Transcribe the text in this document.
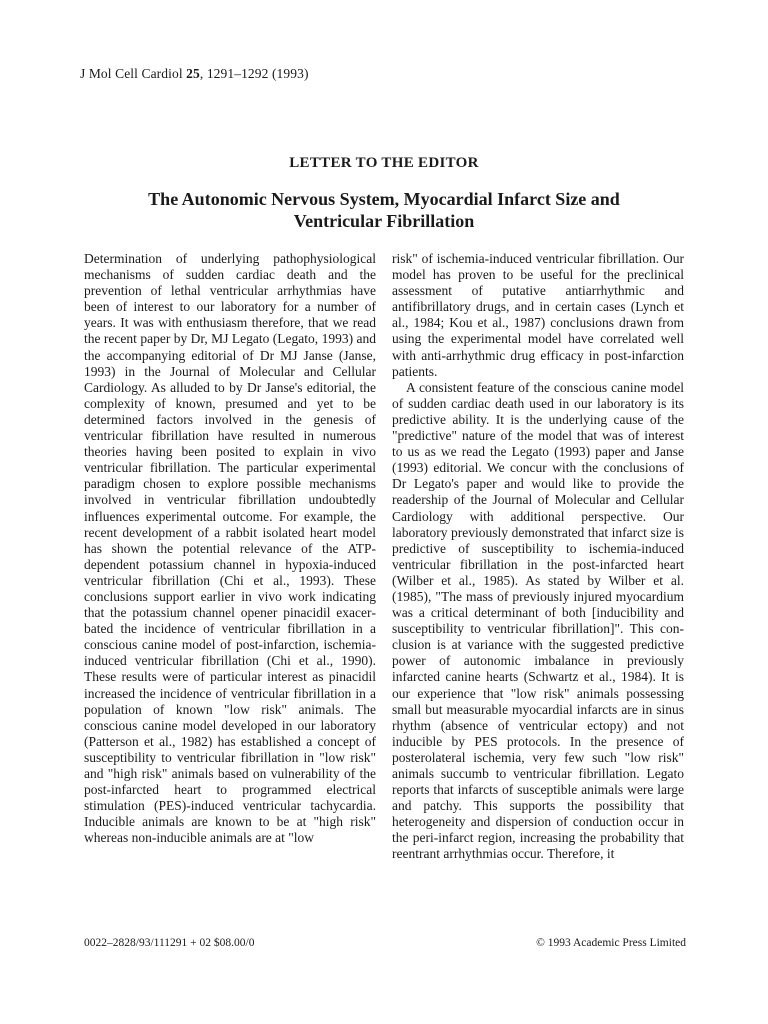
J Mol Cell Cardiol 25, 1291–1292 (1993)
LETTER TO THE EDITOR
The Autonomic Nervous System, Myocardial Infarct Size and
Ventricular Fibrillation

Determination of underlying pathophysiological mechanisms of sudden cardiac death and the prevention of lethal ventricular arrhythmias have been of interest to our laboratory for a number of years. It was with enthusiasm therefore, that we read the recent paper by Dr, MJ Legato (Legato, 1993) and the accompanying editorial of Dr MJ Janse (Janse, 1993) in the Journal of Molecular and Cellular Cardiology. As alluded to by Dr Janse's editorial, the complexity of known, presumed and yet to be determined factors involved in the genesis of ventricular fibrillation have resulted in numerous theories having been posited to explain in vivo ventricular fibrillation. The particular experimental paradigm chosen to explore possible mechanisms involved in ventricular fibrillation undoubtedly influences experimental outcome. For example, the recent development of a rabbit isolated heart model has shown the potential relevance of the ATP-dependent potassium channel in hypoxia-induced ventricular fibrillation (Chi et al., 1993). These conclusions support earlier in vivo work indicating that the potassium channel opener pinacidil exacerbated the incidence of ventricular fibrillation in a conscious canine model of post-infarction, ischemia-induced ventricular fibrillation (Chi et al., 1990). These results were of particular interest as pinacidil increased the incidence of ventricular fibrillation in a population of known "low risk" animals. The conscious canine model developed in our laboratory (Patterson et al., 1982) has established a concept of susceptibility to ventricular fibrillation in "low risk" and "high risk" animals based on vulnerability of the post-infarcted heart to programmed electrical stimulation (PES)-induced ventricular tachycardia. Inducible animals are known to be at "high risk" whereas non-inducible animals are at "low

risk" of ischemia-induced ventricular fibrillation. Our model has proven to be useful for the preclinical assessment of putative antiarrhythmic and antifibrillatory drugs, and in certain cases (Lynch et al., 1984; Kou et al., 1987) conclusions drawn from using the experimental model have correlated well with anti-arrhythmic drug efficacy in post-infarction patients.

A consistent feature of the conscious canine model of sudden cardiac death used in our laboratory is its predictive ability. It is the underlying cause of the "predictive" nature of the model that was of interest to us as we read the Legato (1993) paper and Janse (1993) editorial. We concur with the conclusions of Dr Legato's paper and would like to provide the readership of the Journal of Molecular and Cellular Cardiology with additional perspective. Our laboratory previously demonstrated that infarct size is predictive of susceptibility to ischemia-induced ventricular fibrillation in the post-infarcted heart (Wilber et al., 1985). As stated by Wilber et al. (1985), "The mass of previously injured myocardium was a critical determinant of both [inducibility and susceptibility to ventricular fibrillation]". This conclusion is at variance with the suggested predictive power of autonomic imbalance in previously infarcted canine hearts (Schwartz et al., 1984). It is our experience that "low risk" animals possessing small but measurable myocardial infarcts are in sinus rhythm (absence of ventricular ectopy) and not inducible by PES protocols. In the presence of posterolateral ischemia, very few such "low risk" animals succumb to ventricular fibrillation. Legato reports that infarcts of susceptible animals were large and patchy. This supports the possibility that heterogeneity and dispersion of conduction occur in the peri-infarct region, increasing the probability that reentrant arrhythmias occur. Therefore, it

0022–2828/93/111291 + 02 $08.00/0	© 1993 Academic Press Limited
